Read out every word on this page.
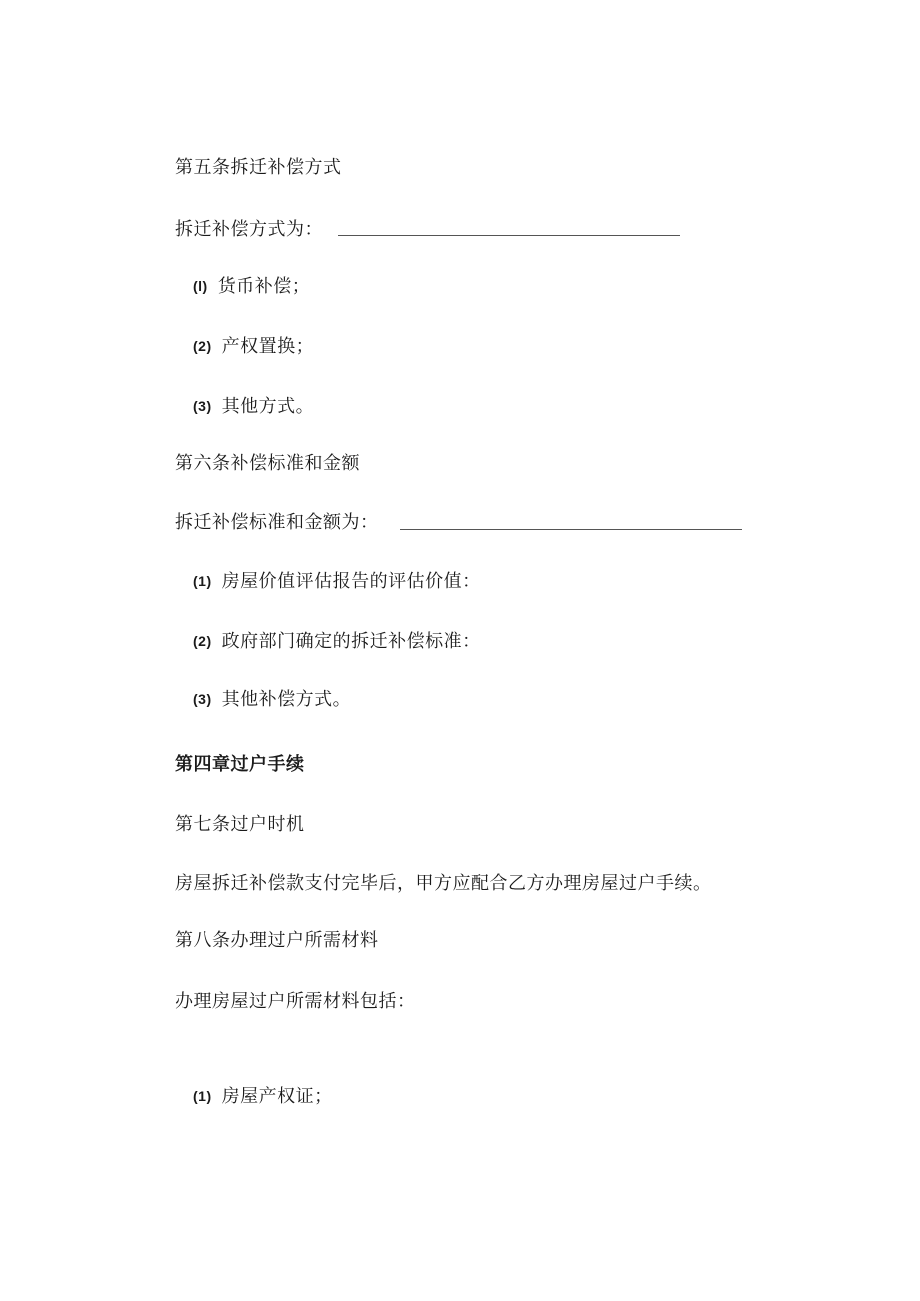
第五条拆迁补偿方式
拆迁补偿方式为：
(l) 货币补偿；
(2) 产权置换；
(3) 其他方式。
第六条补偿标准和金额
拆迁补偿标准和金额为：
(1) 房屋价值评估报告的评估价值：
(2) 政府部门确定的拆迁补偿标准：
(3) 其他补偿方式。
第四章过户手续
第七条过户时机
房屋拆迁补偿款支付完毕后，甲方应配合乙方办理房屋过户手续。
第八条办理过户所需材料
办理房屋过户所需材料包括：
(1) 房屋产权证；
